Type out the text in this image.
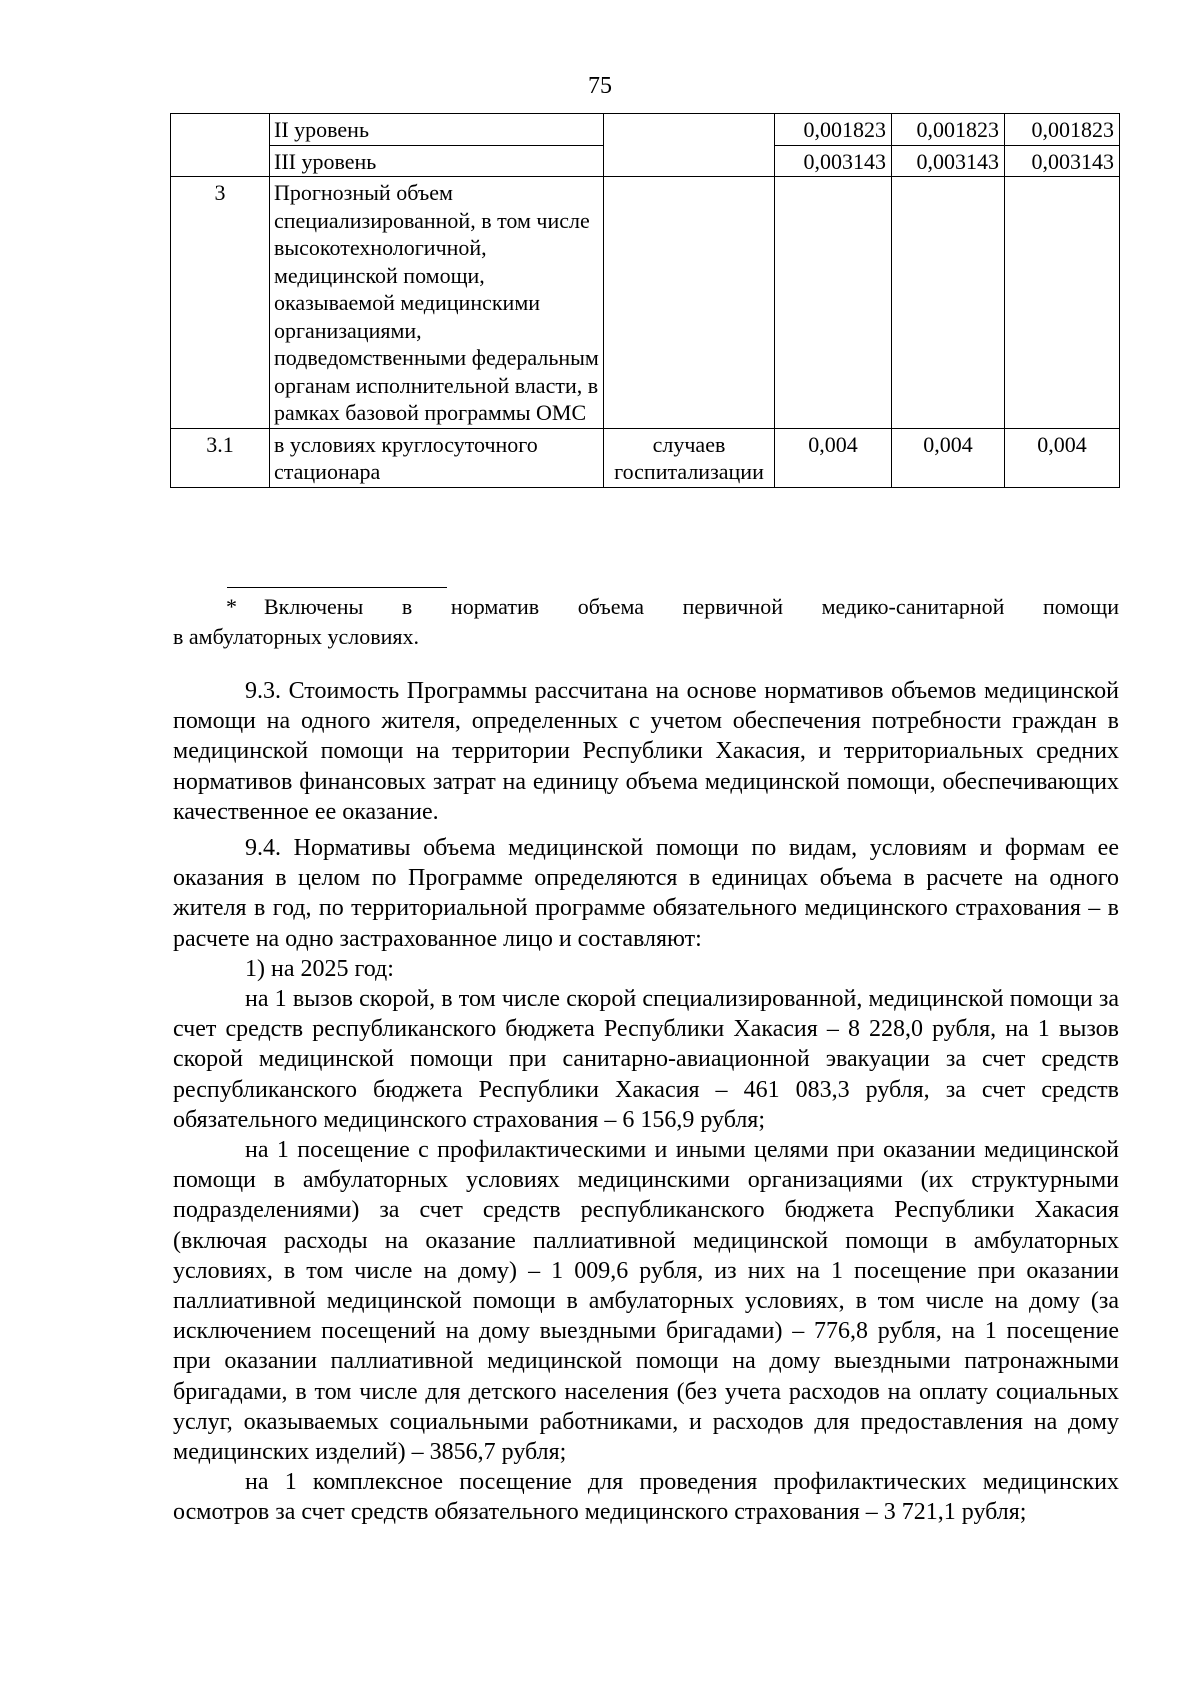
75
	II уровень		0,001823	0,001823	0,001823
	III уровень		0,003143	0,003143	0,003143
3	Прогнозный объем специализированной, в том числе высокотехнологичной, медицинской помощи, оказываемой медицинскими организациями, подведомственными федеральным органам исполнительной власти, в рамках базовой программы ОМС				
3.1	в условиях круглосуточного стационара	случаев госпитализации	0,004	0,004	0,004
*	Включены в норматив объема первичной медико-санитарной помощи
в амбулаторных условиях.

9.3. Стоимость Программы рассчитана на основе нормативов объемов медицинской помощи на одного жителя, определенных с учетом обеспечения потребности граждан в медицинской помощи на территории Республики Хакасия, и территориальных средних нормативов финансовых затрат на единицу объема медицинской помощи, обеспечивающих качественное ее оказание.

9.4. Нормативы объема медицинской помощи по видам, условиям и формам ее оказания в целом по Программе определяются в единицах объема в расчете на одного жителя в год, по территориальной программе обязательного медицинского страхования – в расчете на одно застрахованное лицо и составляют:

1) на 2025 год:

на 1 вызов скорой, в том числе скорой специализированной, медицинской помощи за счет средств республиканского бюджета Республики Хакасия – 8 228,0 рубля, на 1 вызов скорой медицинской помощи при санитарно-авиационной эвакуации за счет средств республиканского бюджета Республики Хакасия – 461 083,3 рубля, за счет средств обязательного медицинского страхования – 6 156,9 рубля;

на 1 посещение с профилактическими и иными целями при оказании медицинской помощи в амбулаторных условиях медицинскими организациями (их структурными подразделениями) за счет средств республиканского бюджета Республики Хакасия (включая расходы на оказание паллиативной медицинской помощи в амбулаторных условиях, в том числе на дому) – 1 009,6 рубля, из них на 1 посещение при оказании паллиативной медицинской помощи в амбулаторных условиях, в том числе на дому (за исключением посещений на дому выездными бригадами) – 776,8 рубля, на 1 посещение при оказании паллиативной медицинской помощи на дому выездными патронажными бригадами, в том числе для детского населения (без учета расходов на оплату социальных услуг, оказываемых социальными работниками, и расходов для предоставления на дому медицинских изделий) – 3856,7 рубля;

на 1 комплексное посещение для проведения профилактических медицинских осмотров за счет средств обязательного медицинского страхования – 3 721,1 рубля;
